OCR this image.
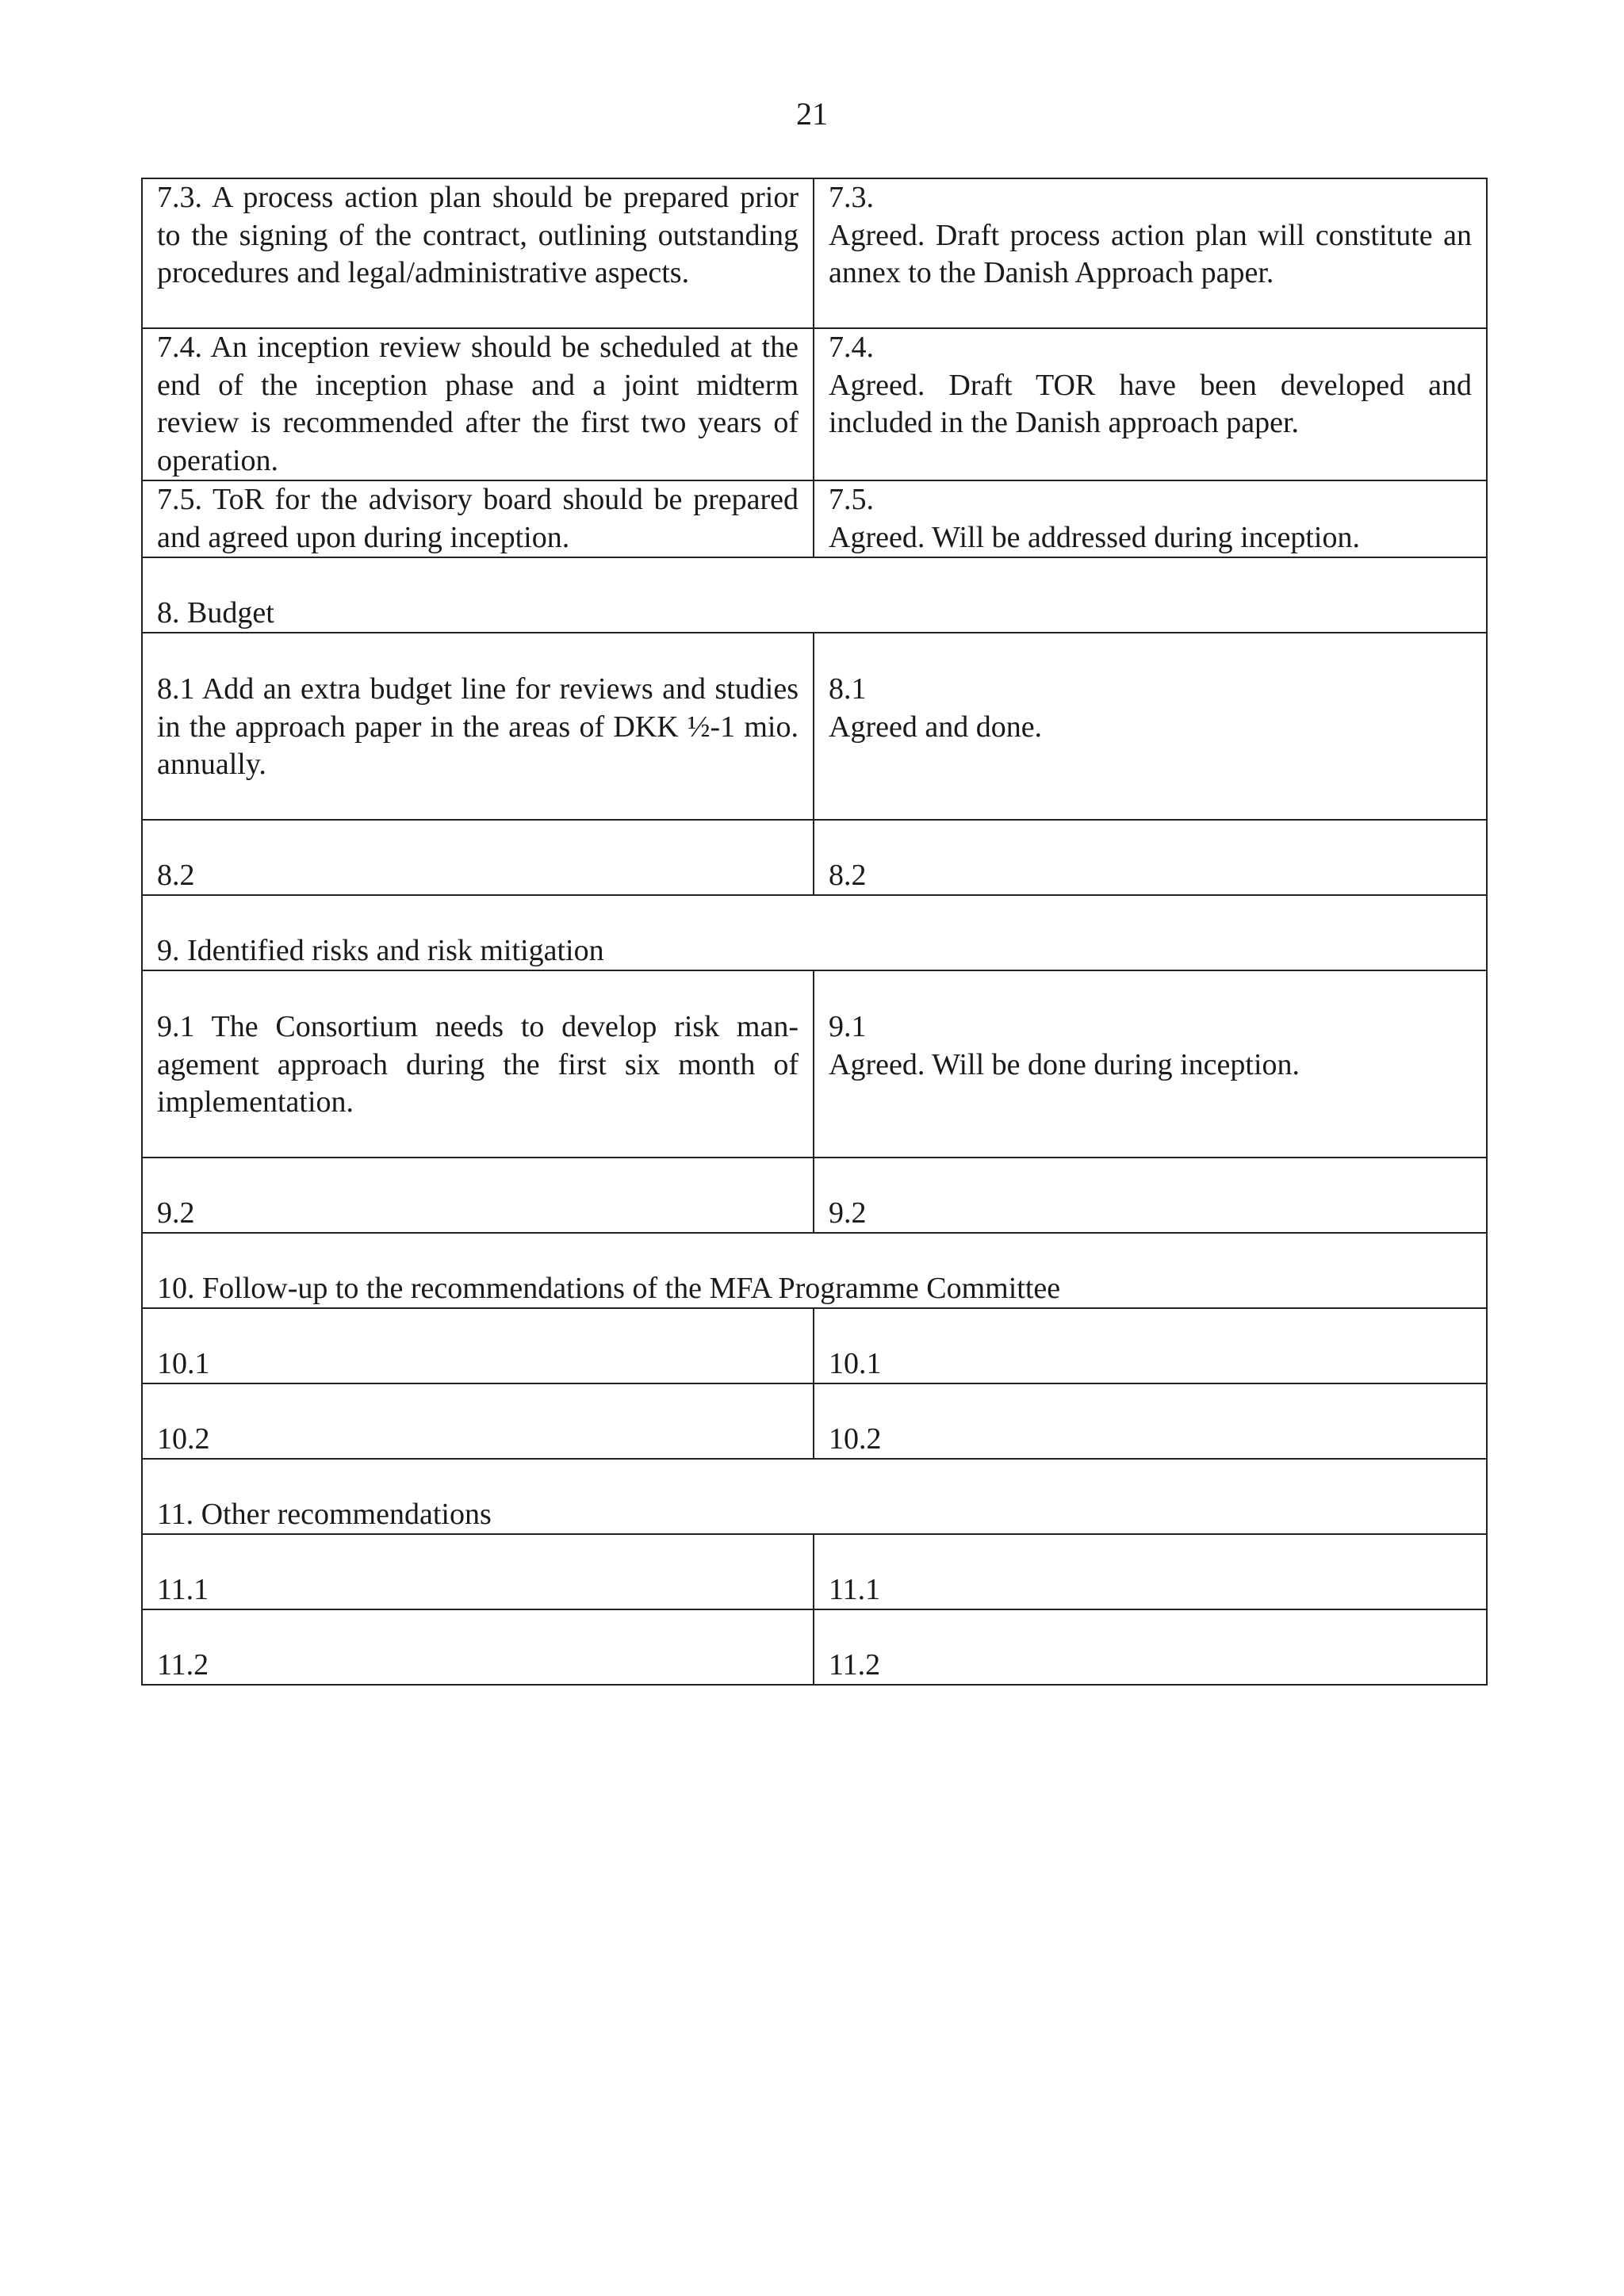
21
7.3. A process action plan should be prepared prior to the signing of the contract, outlining outstanding procedures and legal/administrative aspects.	7.3.
Agreed. Draft process action plan will constitute an annex to the Danish Approach paper.

7.4. An inception review should be scheduled at the end of the inception phase and a joint midterm review is recommended after the first two years of operation.	7.4.
Agreed. Draft TOR have been developed and included in the Danish approach paper.

7.5. ToR for the advisory board should be prepared and agreed upon during inception.	7.5.
Agreed. Will be addressed during inception.

8. Budget	
8.1 Add an extra budget line for reviews and studies in the approach paper in the areas of DKK ½-1 mio. annually.	8.1
Agreed and done.

8.2	8.2
9. Identified risks and risk mitigation	
9.1 The Consortium needs to develop risk management approach during the first six month of implementation.	9.1
Agreed. Will be done during inception.

9.2	9.2
10. Follow-up to the recommendations of the MFA Programme Committee	
10.1	10.1
10.2	10.2
11. Other recommendations	
11.1	11.1
11.2	11.2
